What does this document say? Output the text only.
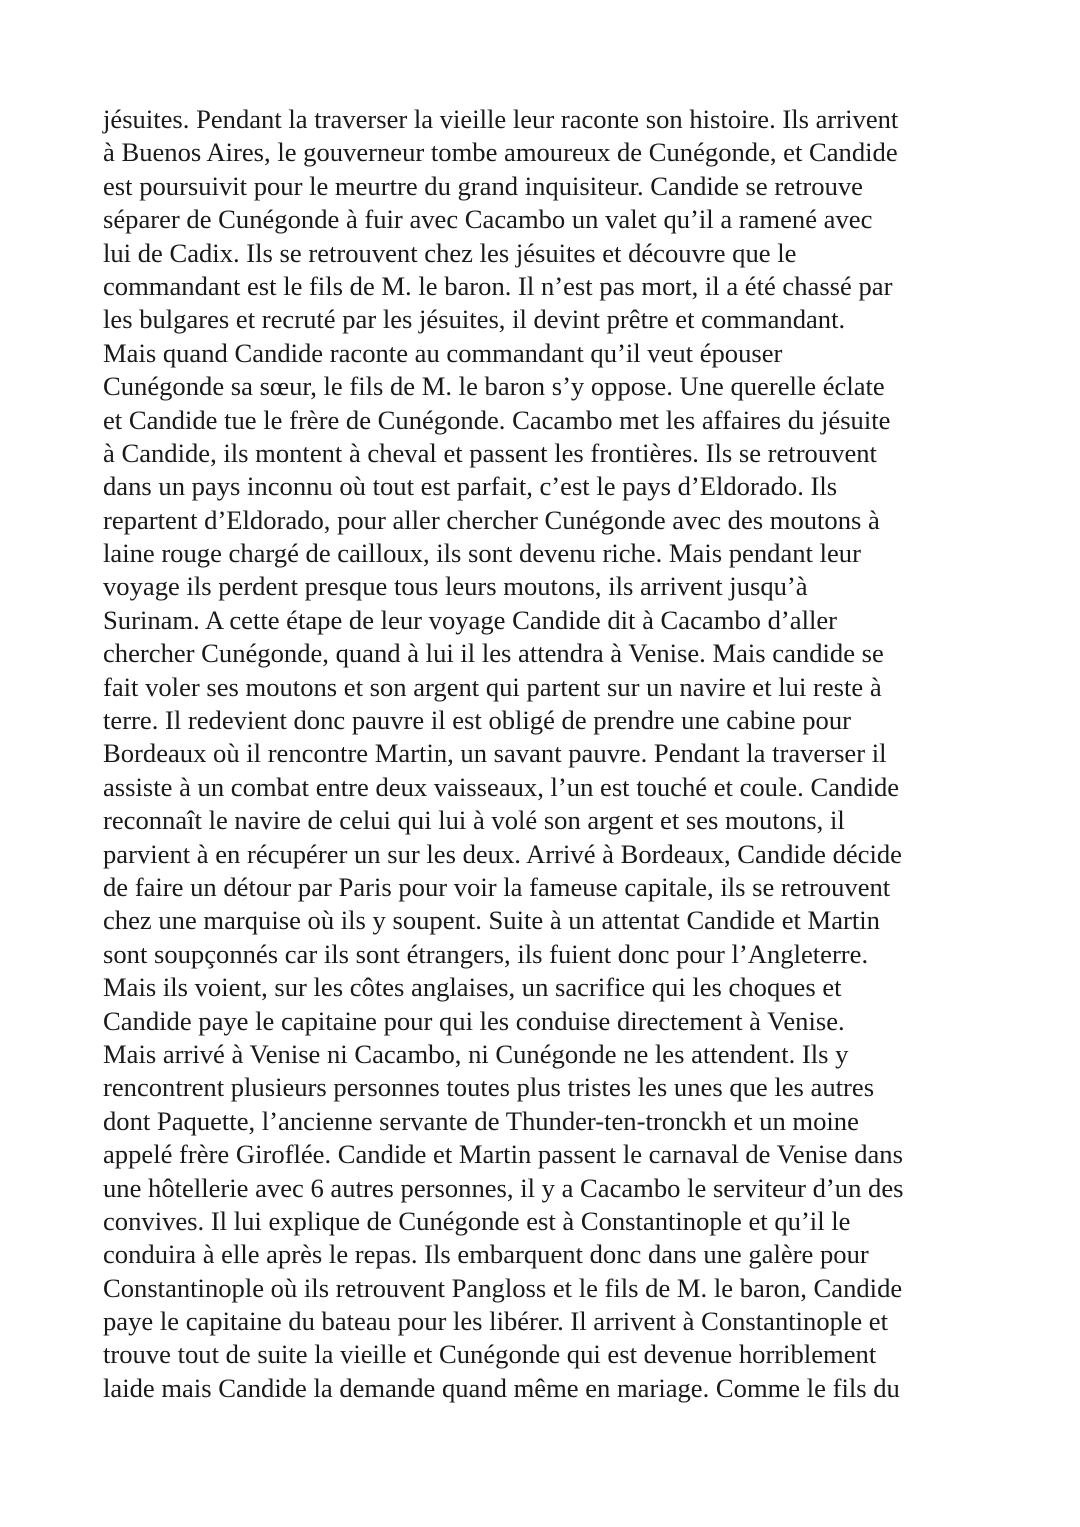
jésuites. Pendant la traverser la vieille leur raconte son histoire. Ils arrivent
à Buenos Aires, le gouverneur tombe amoureux de Cunégonde, et Candide
est poursuivit pour le meurtre du grand inquisiteur. Candide se retrouve
séparer de Cunégonde à fuir avec Cacambo un valet qu’il a ramené avec
lui de Cadix. Ils se retrouvent chez les jésuites et découvre que le
commandant est le fils de M. le baron. Il n’est pas mort, il a été chassé par
les bulgares et recruté par les jésuites, il devint prêtre et commandant.
Mais quand Candide raconte au commandant qu’il veut épouser
Cunégonde sa sœur, le fils de M. le baron s’y oppose. Une querelle éclate
et Candide tue le frère de Cunégonde. Cacambo met les affaires du jésuite
à Candide, ils montent à cheval et passent les frontières. Ils se retrouvent
dans un pays inconnu où tout est parfait, c’est le pays d’Eldorado. Ils
repartent d’Eldorado, pour aller chercher Cunégonde avec des moutons à
laine rouge chargé de cailloux, ils sont devenu riche. Mais pendant leur
voyage ils perdent presque tous leurs moutons, ils arrivent jusqu’à
Surinam. A cette étape de leur voyage Candide dit à Cacambo d’aller
chercher Cunégonde, quand à lui il les attendra à Venise. Mais candide se
fait voler ses moutons et son argent qui partent sur un navire et lui reste à
terre. Il redevient donc pauvre il est obligé de prendre une cabine pour
Bordeaux où il rencontre Martin, un savant pauvre. Pendant la traverser il
assiste à un combat entre deux vaisseaux, l’un est touché et coule. Candide
reconnaît le navire de celui qui lui à volé son argent et ses moutons, il
parvient à en récupérer un sur les deux. Arrivé à Bordeaux, Candide décide
de faire un détour par Paris pour voir la fameuse capitale, ils se retrouvent
chez une marquise où ils y soupent. Suite à un attentat Candide et Martin
sont soupçonnés car ils sont étrangers, ils fuient donc pour l’Angleterre.
Mais ils voient, sur les côtes anglaises, un sacrifice qui les choques et
Candide paye le capitaine pour qui les conduise directement à Venise.
Mais arrivé à Venise ni Cacambo, ni Cunégonde ne les attendent. Ils y
rencontrent plusieurs personnes toutes plus tristes les unes que les autres
dont Paquette, l’ancienne servante de Thunder-ten-tronckh et un moine
appelé frère Giroflée. Candide et Martin passent le carnaval de Venise dans
une hôtellerie avec 6 autres personnes, il y a Cacambo le serviteur d’un des
convives. Il lui explique de Cunégonde est à Constantinople et qu’il le
conduira à elle après le repas. Ils embarquent donc dans une galère pour
Constantinople où ils retrouvent Pangloss et le fils de M. le baron, Candide
paye le capitaine du bateau pour les libérer. Il arrivent à Constantinople et
trouve tout de suite la vieille et Cunégonde qui est devenue horriblement
laide mais Candide la demande quand même en mariage. Comme le fils du
